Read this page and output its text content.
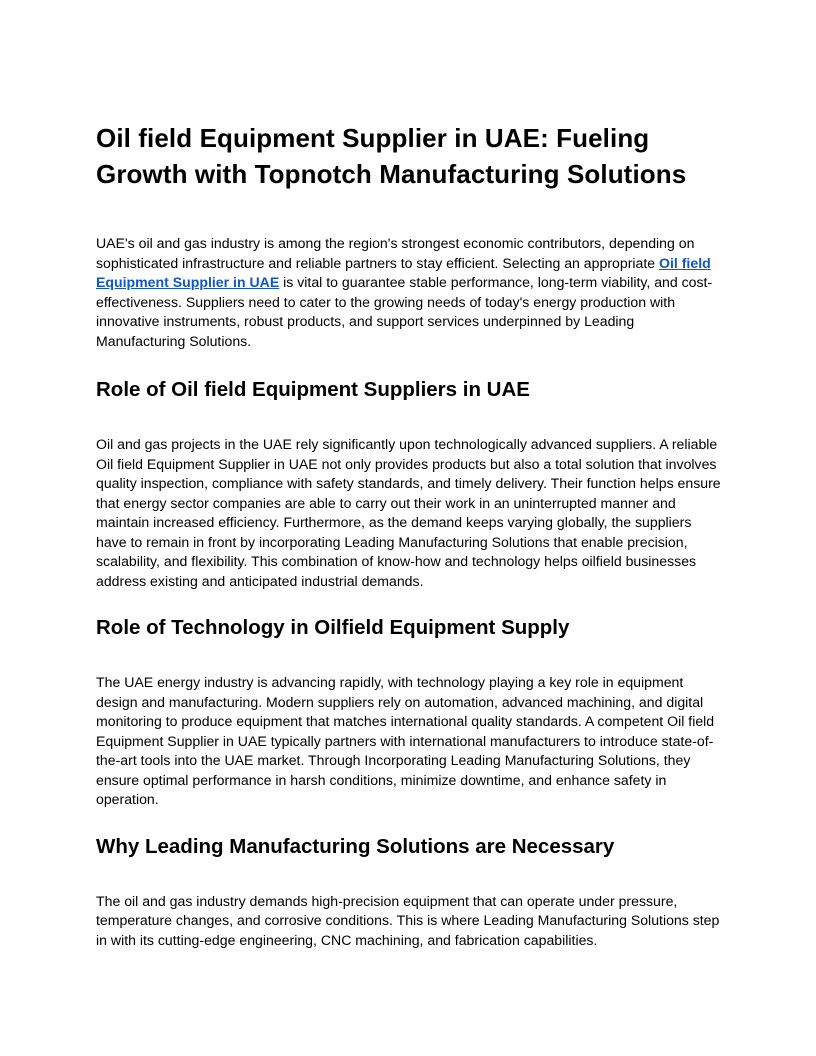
Oil field Equipment Supplier in UAE: Fueling Growth with Topnotch Manufacturing Solutions

UAE's oil and gas industry is among the region's strongest economic contributors, depending on sophisticated infrastructure and reliable partners to stay efficient. Selecting an appropriate Oil field Equipment Supplier in UAE is vital to guarantee stable performance, long-term viability, and cost-effectiveness. Suppliers need to cater to the growing needs of today's energy production with innovative instruments, robust products, and support services underpinned by Leading Manufacturing Solutions.

Role of Oil field Equipment Suppliers in UAE

Oil and gas projects in the UAE rely significantly upon technologically advanced suppliers. A reliable Oil field Equipment Supplier in UAE not only provides products but also a total solution that involves quality inspection, compliance with safety standards, and timely delivery. Their function helps ensure that energy sector companies are able to carry out their work in an uninterrupted manner and maintain increased efficiency. Furthermore, as the demand keeps varying globally, the suppliers have to remain in front by incorporating Leading Manufacturing Solutions that enable precision, scalability, and flexibility. This combination of know-how and technology helps oilfield businesses address existing and anticipated industrial demands.

Role of Technology in Oilfield Equipment Supply

The UAE energy industry is advancing rapidly, with technology playing a key role in equipment design and manufacturing. Modern suppliers rely on automation, advanced machining, and digital monitoring to produce equipment that matches international quality standards. A competent Oil field Equipment Supplier in UAE typically partners with international manufacturers to introduce state-of-the-art tools into the UAE market. Through Incorporating Leading Manufacturing Solutions, they ensure optimal performance in harsh conditions, minimize downtime, and enhance safety in operation.

Why Leading Manufacturing Solutions are Necessary

The oil and gas industry demands high-precision equipment that can operate under pressure, temperature changes, and corrosive conditions. This is where Leading Manufacturing Solutions step in with its cutting-edge engineering, CNC machining, and fabrication capabilities.
